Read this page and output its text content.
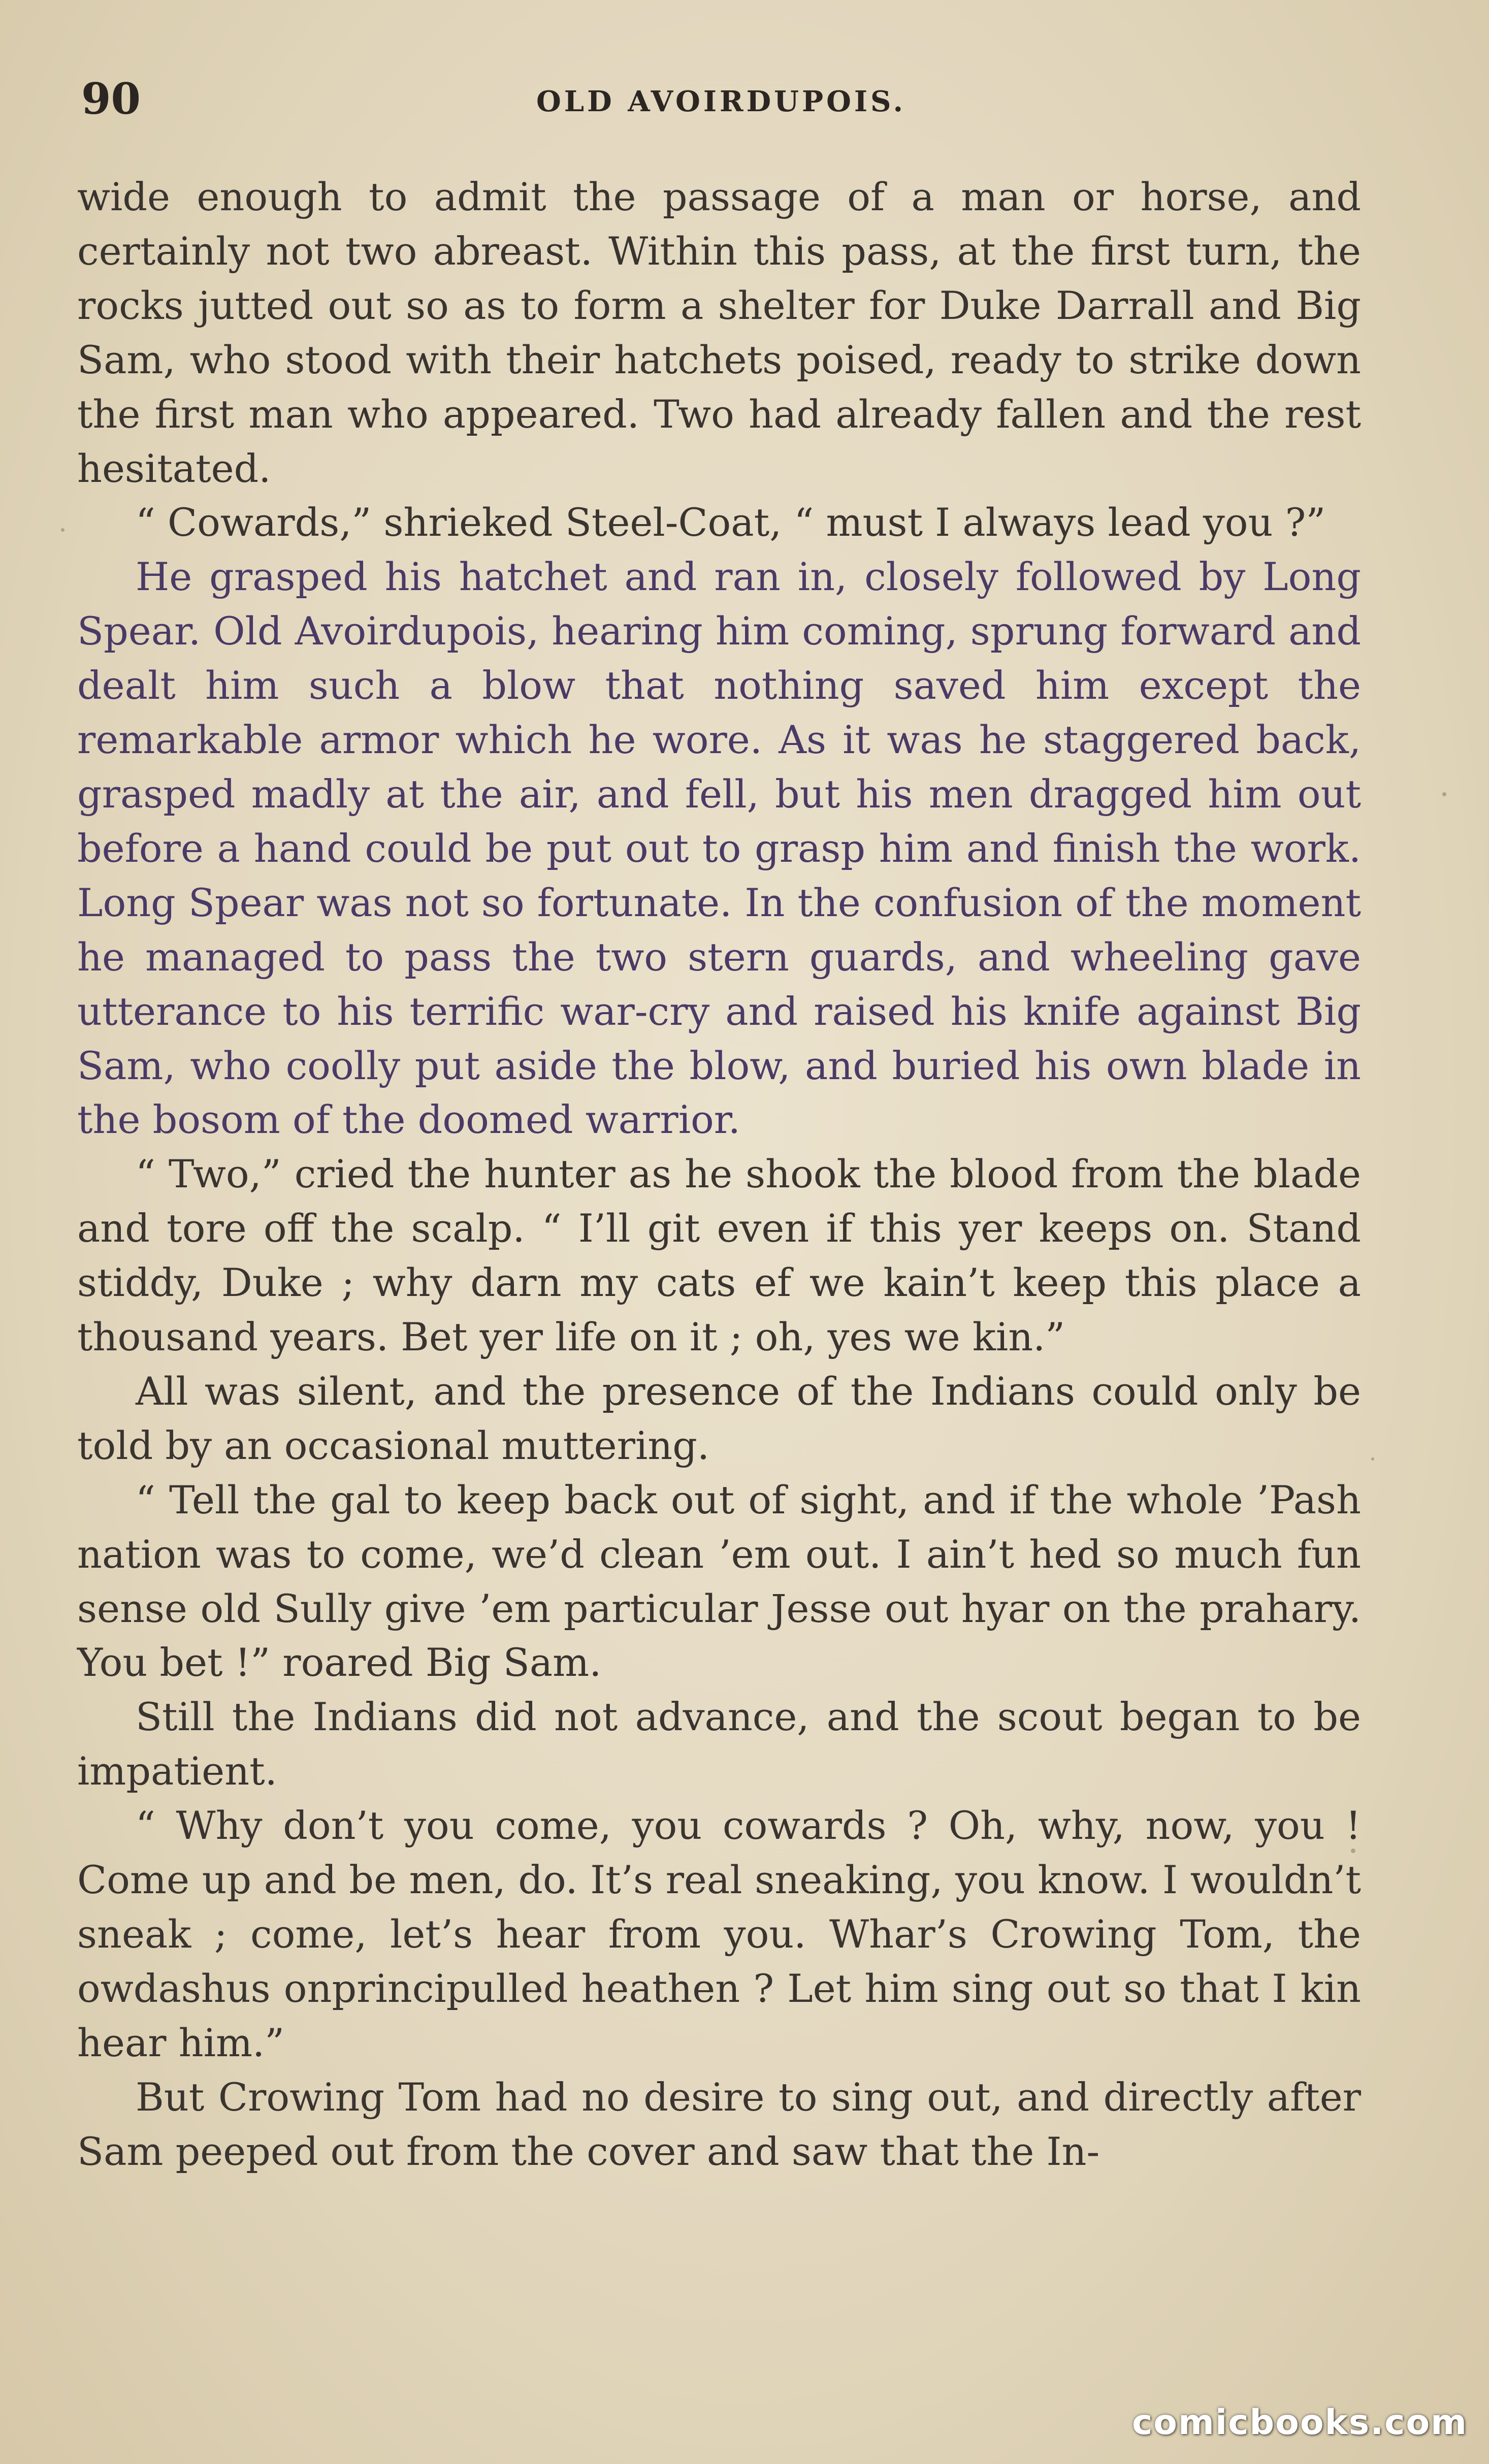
90	OLD AVOIRDUPOIS.

wide enough to admit the passage of a man or horse, and certainly not two abreast. Within this pass, at the first turn, the rocks jutted out so as to form a shelter for Duke Darrall and Big Sam, who stood with their hatchets poised, ready to strike down the first man who appeared. Two had already fallen and the rest hesitated.

“ Cowards,” shrieked Steel-Coat, “ must I always lead you ?”

He grasped his hatchet and ran in, closely followed by Long Spear. Old Avoirdupois, hearing him coming, sprung forward and dealt him such a blow that nothing saved him except the remarkable armor which he wore. As it was he staggered back, grasped madly at the air, and fell, but his men dragged him out before a hand could be put out to grasp him and finish the work. Long Spear was not so fortunate. In the confusion of the moment he managed to pass the two stern guards, and wheeling gave utterance to his terrific war-cry and raised his knife against Big Sam, who coolly put aside the blow, and buried his own blade in the bosom of the doomed warrior.

“ Two,” cried the hunter as he shook the blood from the blade and tore off the scalp. “ I’ll git even if this yer keeps on. Stand stiddy, Duke ; why darn my cats ef we kain’t keep this place a thousand years. Bet yer life on it ; oh, yes we kin.”

All was silent, and the presence of the Indians could only be told by an occasional muttering.

“ Tell the gal to keep back out of sight, and if the whole ’Pash nation was to come, we’d clean ’em out. I ain’t hed so much fun sense old Sully give ’em particular Jesse out hyar on the prahary. You bet !” roared Big Sam.

Still the Indians did not advance, and the scout began to be impatient.

“ Why don’t you come, you cowards ? Oh, why, now, you ! Come up and be men, do. It’s real sneaking, you know. I wouldn’t sneak ; come, let’s hear from you. Whar’s Crowing Tom, the owdashus onprincipulled heathen ? Let him sing out so that I kin hear him.”

But Crowing Tom had no desire to sing out, and directly after Sam peeped out from the cover and saw that the In-

comicbooks.com
